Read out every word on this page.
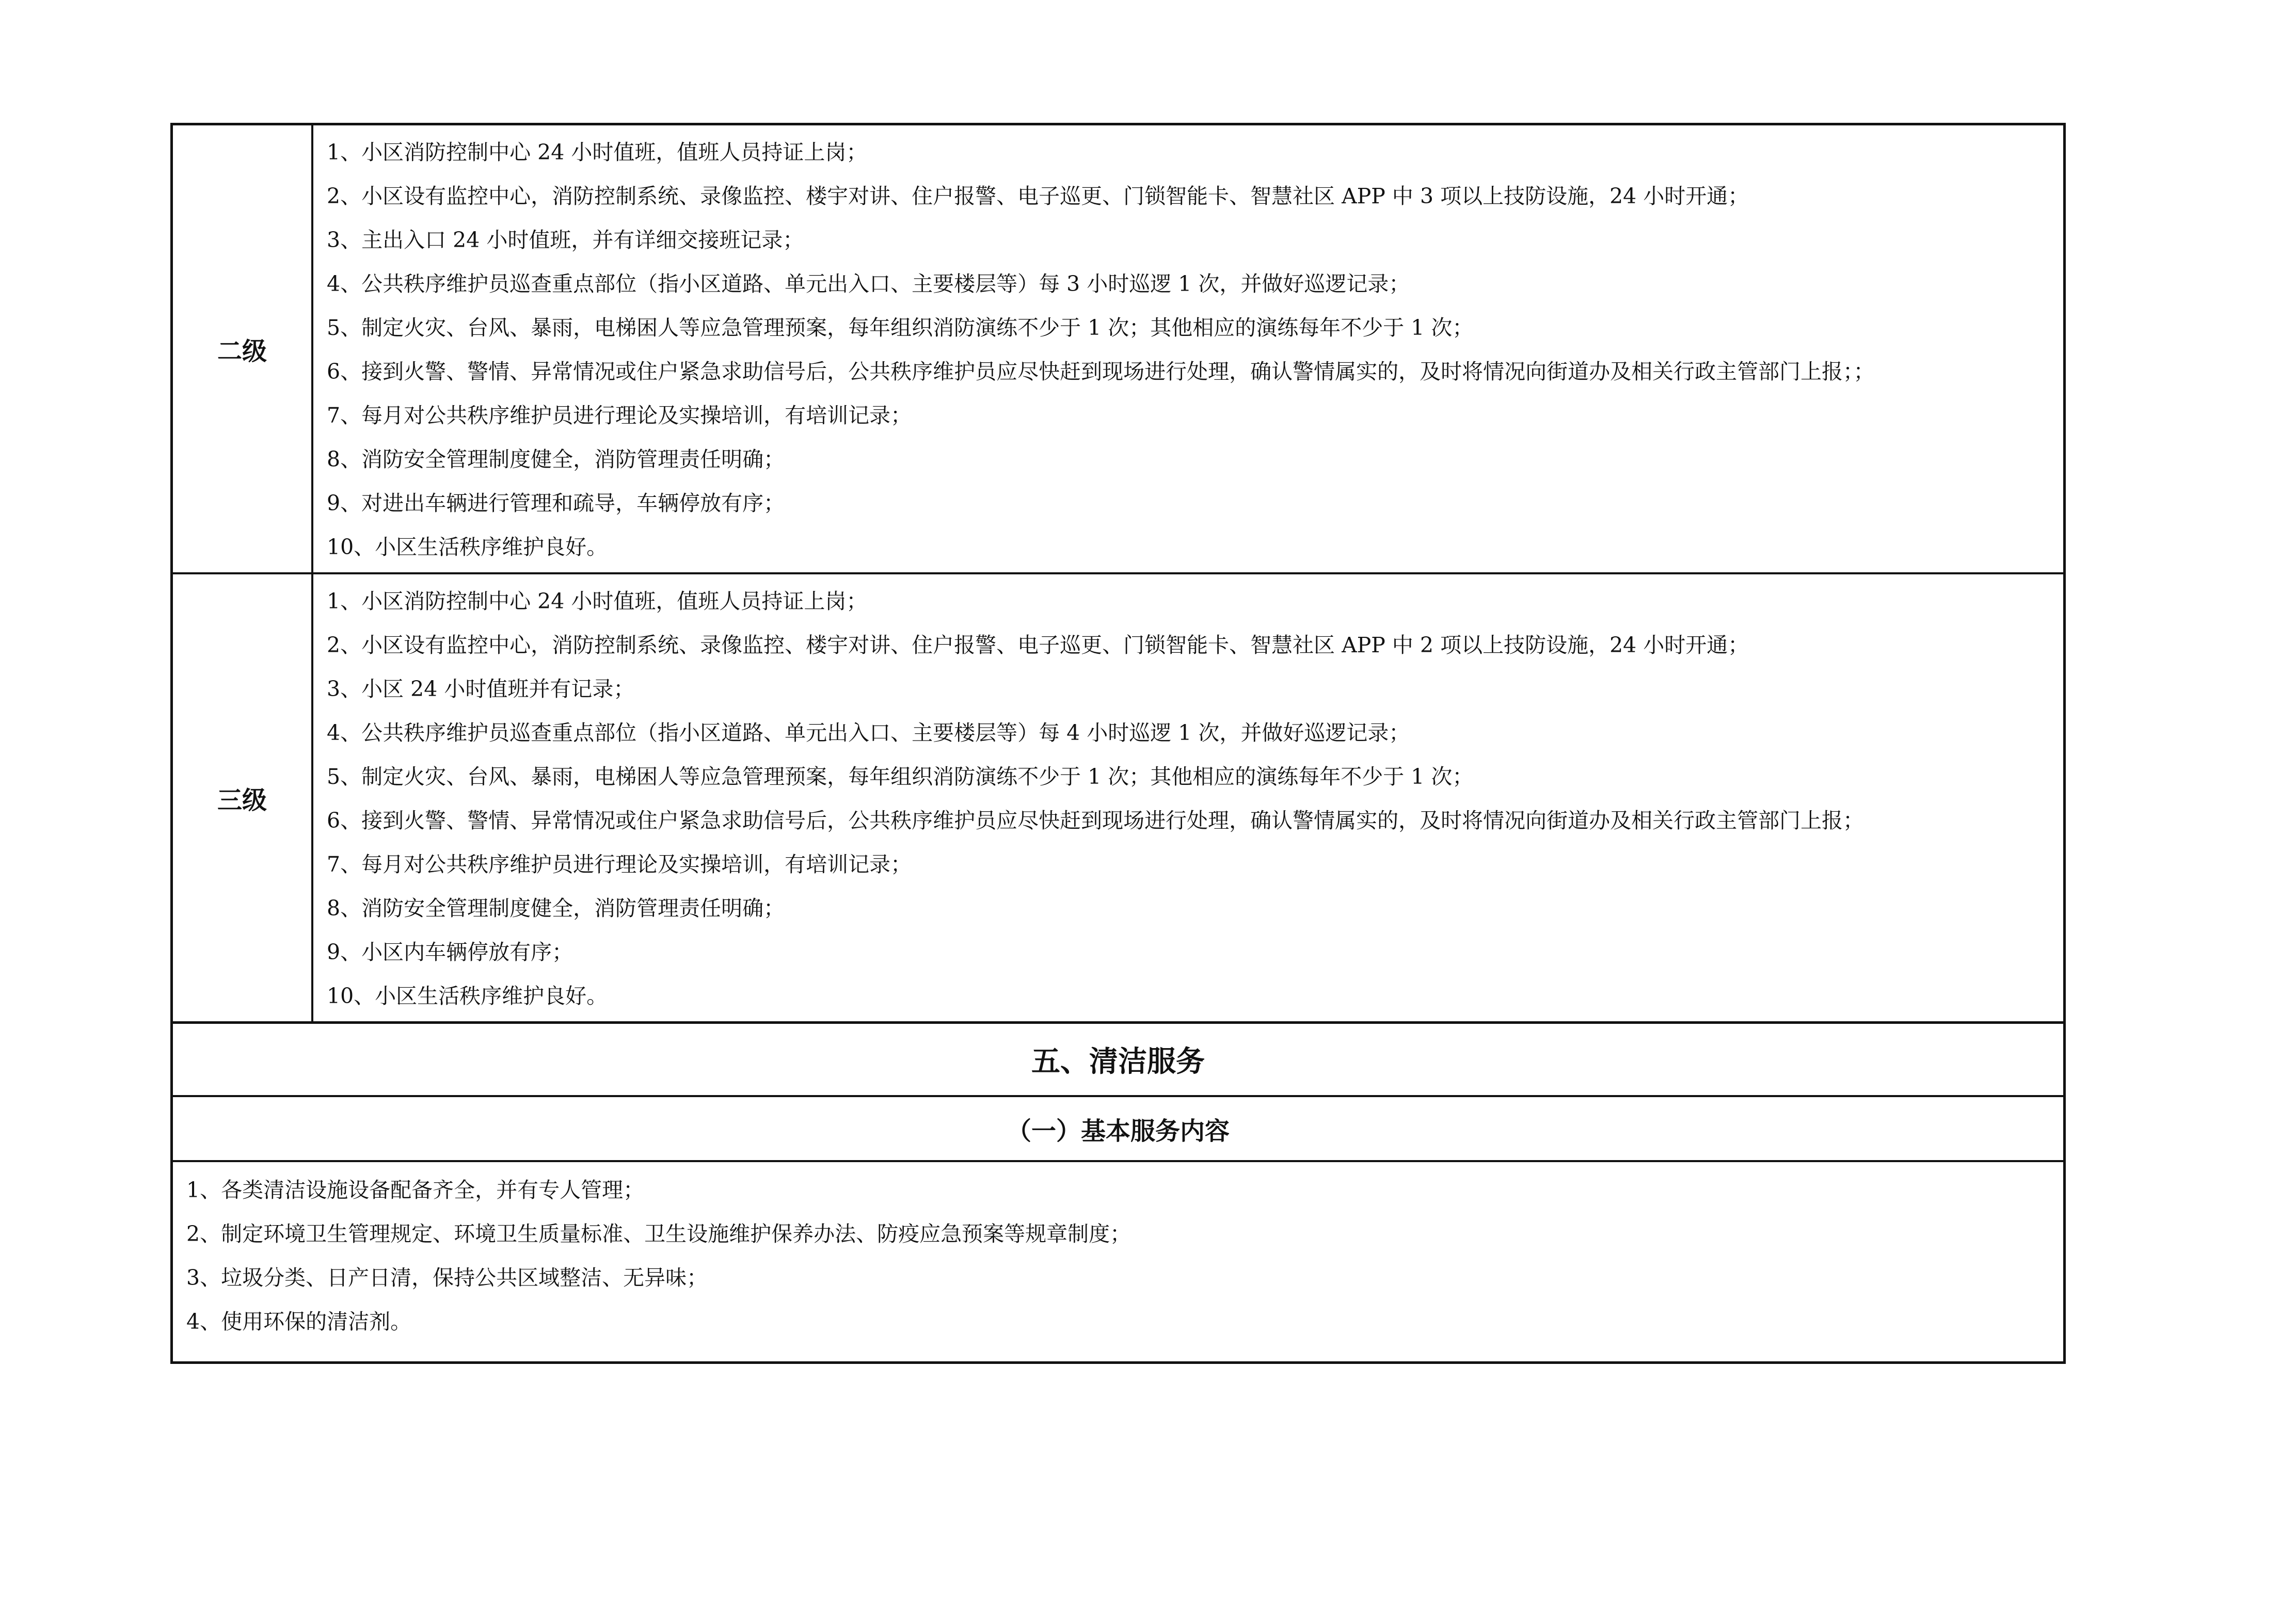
二级
1、小区消防控制中心 24 小时值班，值班人员持证上岗；
2、小区设有监控中心，消防控制系统、录像监控、楼宇对讲、住户报警、电子巡更、门锁智能卡、智慧社区 APP 中 3 项以上技防设施，24 小时开通；
3、主出入口 24 小时值班，并有详细交接班记录；
4、公共秩序维护员巡查重点部位（指小区道路、单元出入口、主要楼层等）每 3 小时巡逻 1 次，并做好巡逻记录；
5、制定火灾、台风、暴雨，电梯困人等应急管理预案，每年组织消防演练不少于 1 次；其他相应的演练每年不少于 1 次；
6、接到火警、警情、异常情况或住户紧急求助信号后，公共秩序维护员应尽快赶到现场进行处理，确认警情属实的，及时将情况向街道办及相关行政主管部门上报；；
7、每月对公共秩序维护员进行理论及实操培训，有培训记录；
8、消防安全管理制度健全，消防管理责任明确；
9、对进出车辆进行管理和疏导，车辆停放有序；
10、小区生活秩序维护良好。
三级
1、小区消防控制中心 24 小时值班，值班人员持证上岗；
2、小区设有监控中心，消防控制系统、录像监控、楼宇对讲、住户报警、电子巡更、门锁智能卡、智慧社区 APP 中 2 项以上技防设施，24 小时开通；
3、小区 24 小时值班并有记录；
4、公共秩序维护员巡查重点部位（指小区道路、单元出入口、主要楼层等）每 4 小时巡逻 1 次，并做好巡逻记录；
5、制定火灾、台风、暴雨，电梯困人等应急管理预案，每年组织消防演练不少于 1 次；其他相应的演练每年不少于 1 次；
6、接到火警、警情、异常情况或住户紧急求助信号后，公共秩序维护员应尽快赶到现场进行处理，确认警情属实的，及时将情况向街道办及相关行政主管部门上报；
7、每月对公共秩序维护员进行理论及实操培训，有培训记录；
8、消防安全管理制度健全，消防管理责任明确；
9、小区内车辆停放有序；
10、小区生活秩序维护良好。
五、清洁服务
（一）基本服务内容
1、各类清洁设施设备配备齐全，并有专人管理；
2、制定环境卫生管理规定、环境卫生质量标准、卫生设施维护保养办法、防疫应急预案等规章制度；
3、垃圾分类、日产日清，保持公共区域整洁、无异味；
4、使用环保的清洁剂。
